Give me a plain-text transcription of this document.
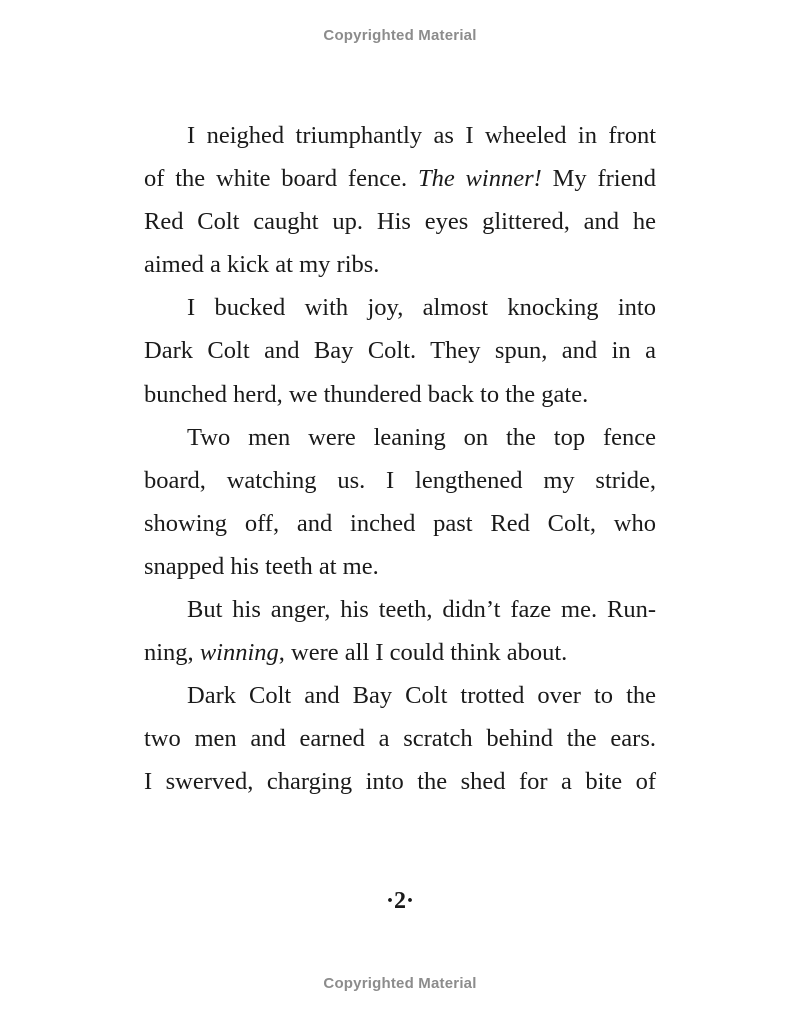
Copyrighted Material
I neighed triumphantly as I wheeled in front
of the white board fence. The winner! My friend
Red Colt caught up. His eyes glittered, and he
aimed a kick at my ribs.
I bucked with joy, almost knocking into
Dark Colt and Bay Colt. They spun, and in a
bunched herd, we thundered back to the gate.
Two men were leaning on the top fence
board, watching us. I lengthened my stride,
showing off, and inched past Red Colt, who
snapped his teeth at me.
But his anger, his teeth, didn’t faze me. Run-
ning, winning, were all I could think about.
Dark Colt and Bay Colt trotted over to the
two men and earned a scratch behind the ears.
I swerved, charging into the shed for a bite of
·2·
Copyrighted Material
